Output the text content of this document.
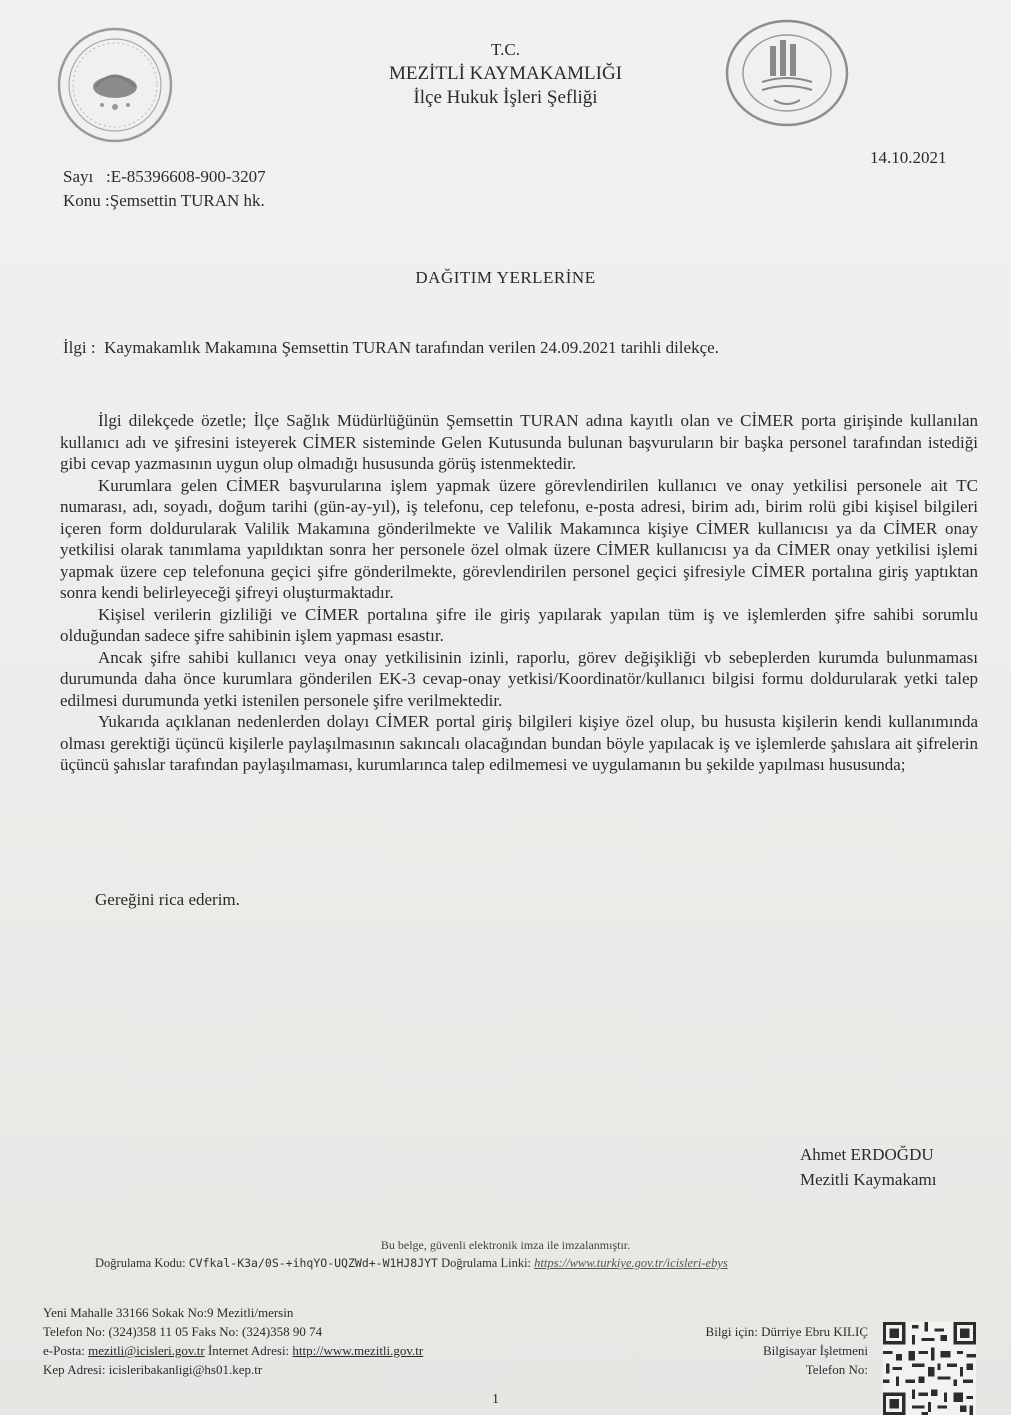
T.C.
MEZİTLİ KAYMAKAMLIĞI
İlçe Hukuk İşleri Şefliği
14.10.2021
Sayı   :E-85396608-900-3207
Konu :Şemsettin TURAN hk.
DAĞITIM YERLERİNE
İlgi :  Kaymakamlık Makamına Şemsettin TURAN tarafından verilen 24.09.2021 tarihli dilekçe.

İlgi dilekçede özetle; İlçe Sağlık Müdürlüğünün Şemsettin TURAN adına kayıtlı olan ve CİMER porta girişinde kullanılan kullanıcı adı ve şifresini isteyerek CİMER sisteminde Gelen Kutusunda bulunan başvuruların bir başka personel tarafından istediği gibi cevap yazmasının uygun olup olmadığı hususunda görüş istenmektedir.

Kurumlara gelen CİMER başvurularına işlem yapmak üzere görevlendirilen kullanıcı ve onay yetkilisi personele ait TC numarası, adı, soyadı, doğum tarihi (gün-ay-yıl), iş telefonu, cep telefonu, e-posta adresi, birim adı, birim rolü gibi kişisel bilgileri içeren form doldurularak Valilik Makamına gönderilmekte ve Valilik Makamınca kişiye CİMER kullanıcısı ya da CİMER onay yetkilisi olarak tanımlama yapıldıktan sonra her personele özel olmak üzere CİMER kullanıcısı ya da CİMER onay yetkilisi işlemi yapmak üzere cep telefonuna geçici şifre gönderilmekte, görevlendirilen personel geçici şifresiyle CİMER portalına giriş yaptıktan sonra kendi belirleyeceği şifreyi oluşturmaktadır.

Kişisel verilerin gizliliği ve CİMER portalına şifre ile giriş yapılarak yapılan tüm iş ve işlemlerden şifre sahibi sorumlu olduğundan sadece şifre sahibinin işlem yapması esastır.

Ancak şifre sahibi kullanıcı veya onay yetkilisinin izinli, raporlu, görev değişikliği vb sebeplerden kurumda bulunmaması durumunda daha önce kurumlara gönderilen EK-3 cevap-onay yetkisi/Koordinatör/kullanıcı bilgisi formu doldurularak yetki talep edilmesi durumunda yetki istenilen personele şifre verilmektedir.

Yukarıda açıklanan nedenlerden dolayı CİMER portal giriş bilgileri kişiye özel olup, bu hususta kişilerin kendi kullanımında olması gerektiği üçüncü kişilerle paylaşılmasının sakıncalı olacağından bundan böyle yapılacak iş ve işlemlerde şahıslara ait şifrelerin üçüncü şahıslar tarafından paylaşılmaması, kurumlarınca talep edilmemesi ve uygulamanın bu şekilde yapılması hususunda;

Gereğini rica ederim.
Ahmet ERDOĞDU
Mezitli Kaymakamı
Bu belge, güvenli elektronik imza ile imzalanmıştır.
Doğrulama Kodu: CVfkal-K3a/0S-+ihqYO-UQZWd+-W1HJ8JYT Doğrulama Linki: https://www.turkiye.gov.tr/icisleri-ebys
Yeni Mahalle 33166 Sokak No:9 Mezitli/mersin
Telefon No: (324)358 11 05 Faks No: (324)358 90 74
e-Posta: mezitli@icisleri.gov.tr İnternet Adresi: http://www.mezitli.gov.tr
Kep Adresi: icisleribakanligi@hs01.kep.tr
Bilgi için: Dürriye Ebru KILIÇ
Bilgisayar İşletmeni
Telefon No:
1
